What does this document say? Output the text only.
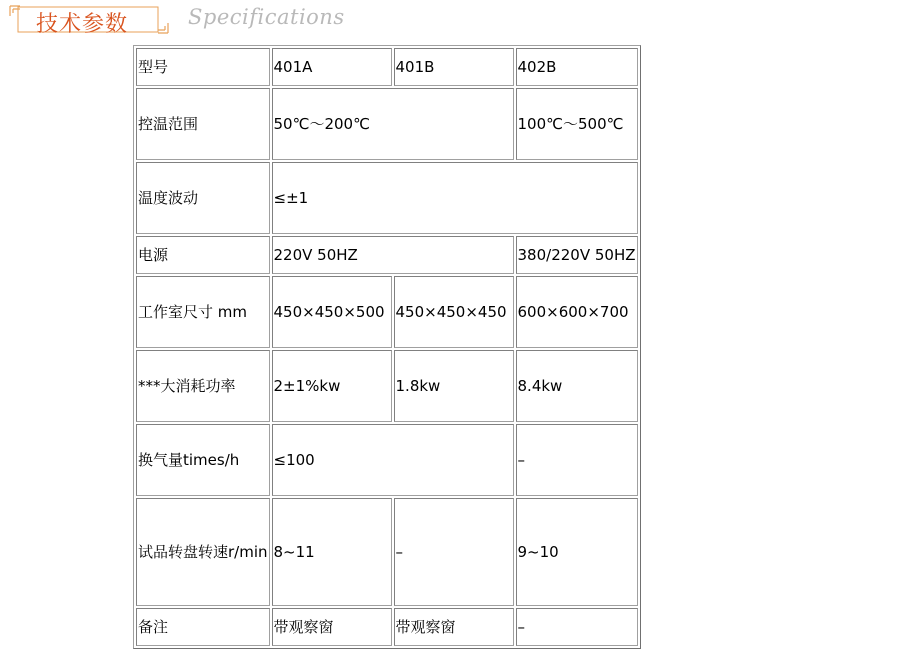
技术参数	Specifications
型号	401A	401B	402B
控温范围	50℃～200℃		100℃～500℃
温度波动	≤±1		
电源	220V 50HZ		380/220V 50HZ
工作室尺寸 mm	450×450×500	450×450×450	600×600×700
***大消耗功率	2±1%kw	1.8kw	8.4kw
换气量times/h	≤100		–
试品转盘转速r/min	8~11	–	9~10
备注	带观察窗	带观察窗	–
